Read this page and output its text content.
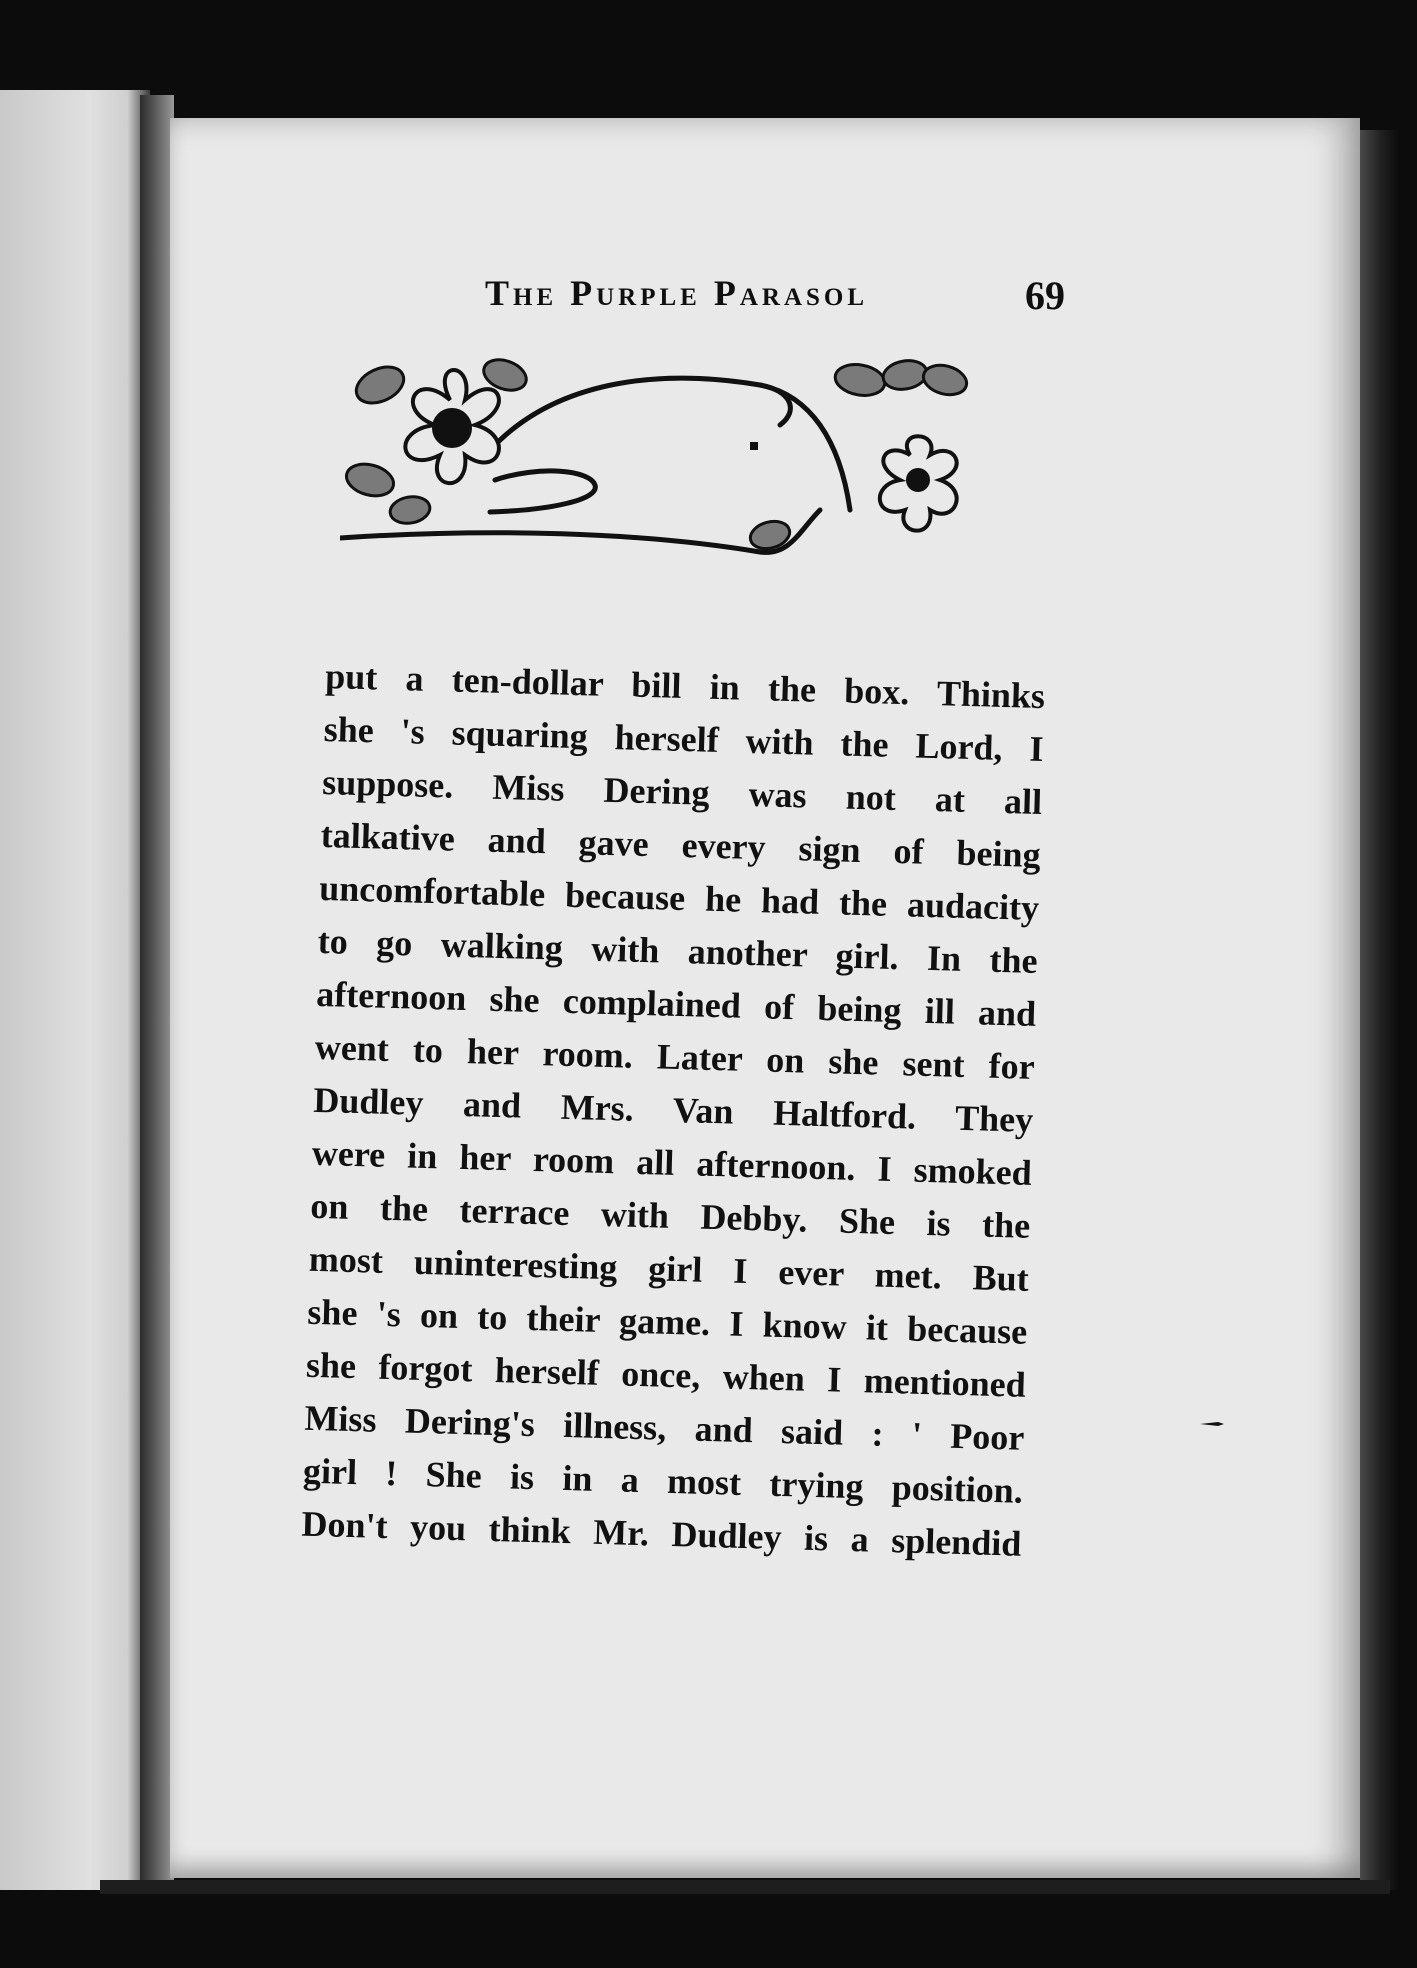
The Purple Parasol	69
put a ten-dollar bill in the box. Thinks
she 's squaring herself with the Lord, I
suppose. Miss Dering was not at all
talkative and gave every sign of being
uncomfortable because he had the audacity
to go walking with another girl. In the
afternoon she complained of being ill and
went to her room. Later on she sent for
Dudley and Mrs. Van Haltford. They
were in her room all afternoon. I smoked
on the terrace with Debby. She is the
most uninteresting girl I ever met. But
she 's on to their game. I know it because
she forgot herself once, when I mentioned
Miss Dering's illness, and said : ' Poor
girl ! She is in a most trying position.
Don't you think Mr. Dudley is a splendid
